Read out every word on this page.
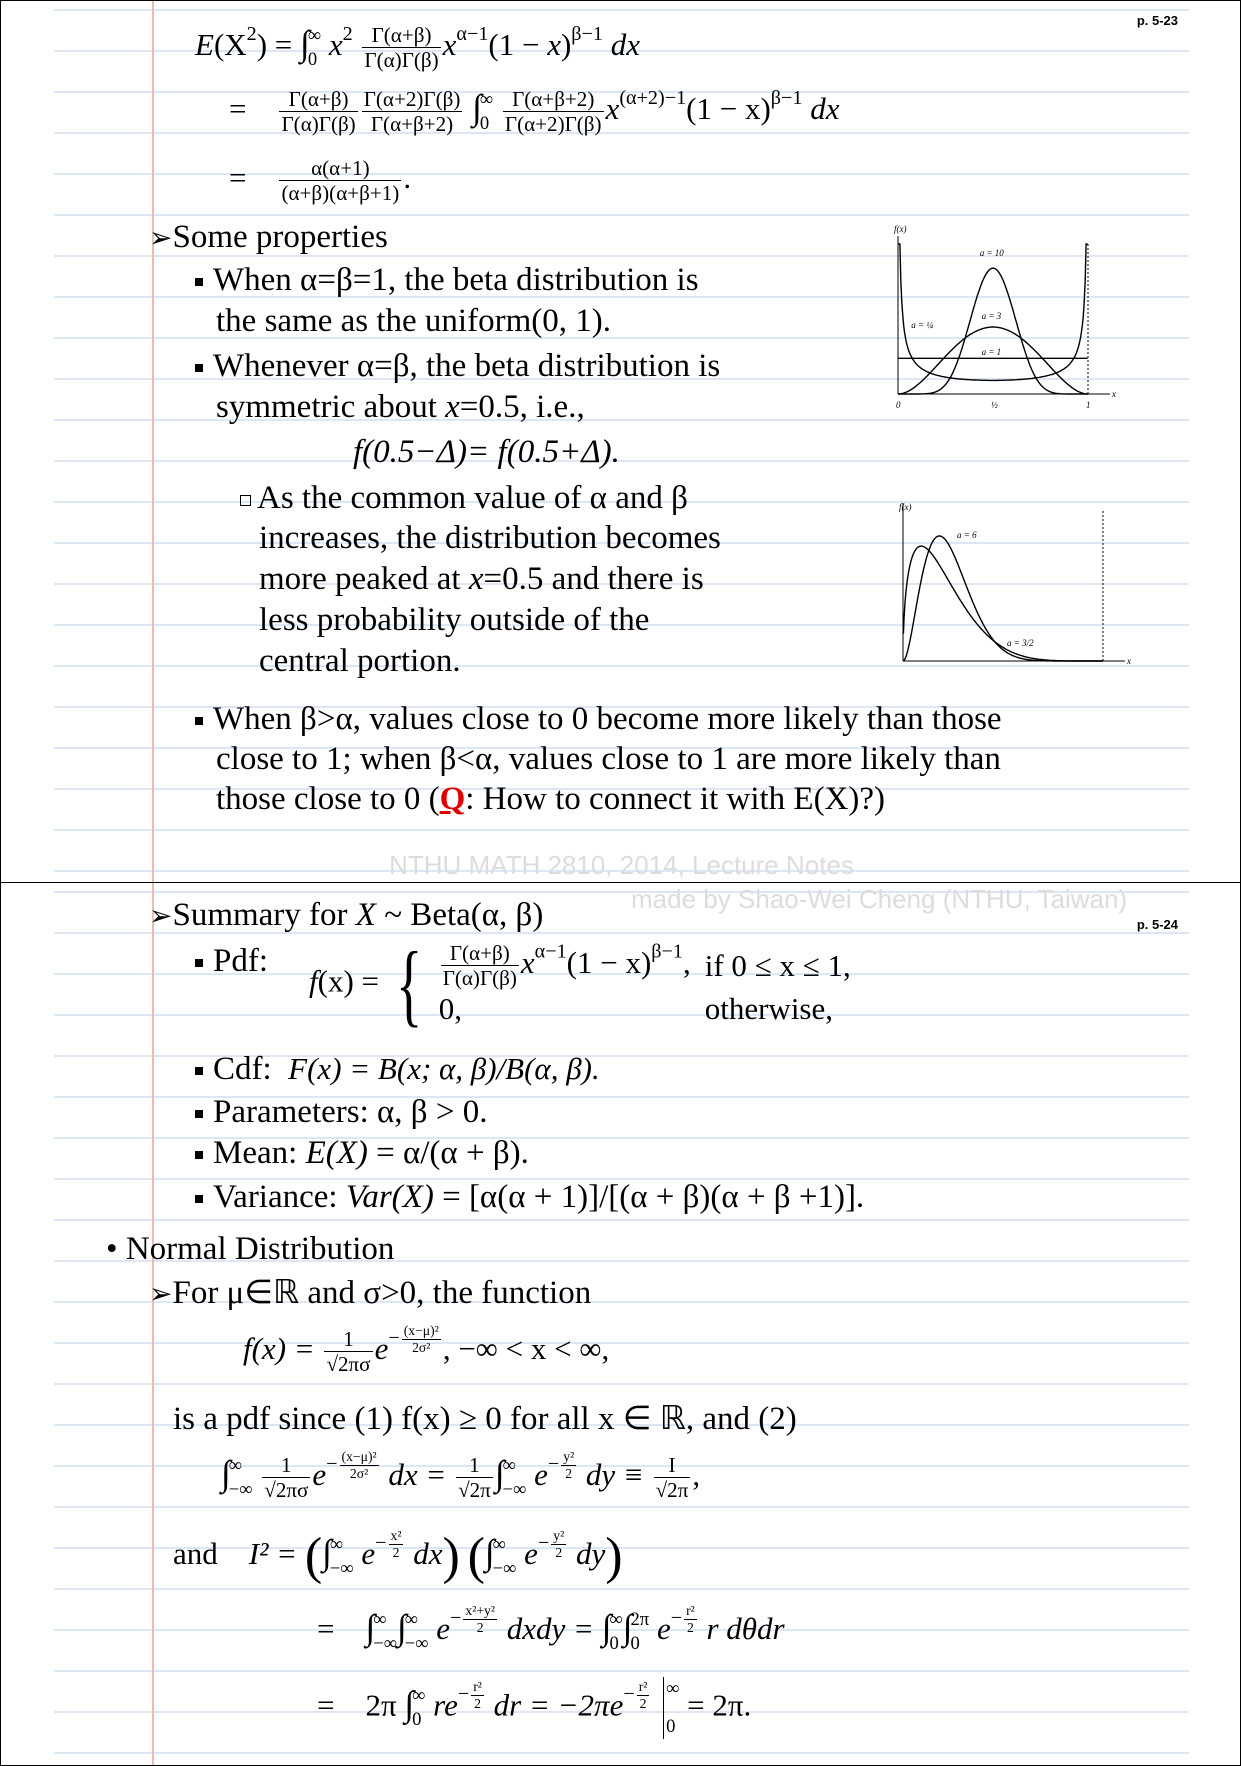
p. 5-23
$E(X^2)$ = ∫
∞
0 $x^2 \frac{\Gamma(\alpha+\beta)}{\Gamma(\alpha)\Gamma(\beta)} x^{\alpha-1}(1 - x)^{\beta-1}$ dx
= $\frac{\Gamma(\alpha+\beta)}{\Gamma(\alpha)\Gamma(\beta)} \frac{\Gamma(\alpha+2)\Gamma(\beta)}{\Gamma(\alpha+\beta+2)}$ ∫
∞
0
$\frac{\Gamma(\alpha+\beta+2)}{\Gamma(\alpha+2)\Gamma(\beta)} x^{(\alpha+2)-1}(1 - x)^{\beta-1}$ dx
= $\frac{\alpha(\alpha+1)}{(\alpha+\beta)(\alpha+\beta+1)}$ .
➢Some properties
When α=β=1, the beta distribution is
the same as the uniform(0, 1).
Whenever α=β, the beta distribution is
symmetric about x=0.5, i.e.,
f(0.5−Δ)= f(0.5+Δ).
As the common value of α and β
increases, the distribution becomes
more peaked at x=0.5 and there is
less probability outside of the
central portion.
When β>α, values close to 0 become more likely than those
close to 1; when β<α, values close to 1 are more likely than
those close to 0 (Q: How to connect it with E(X)?)
f(x)
x
0	½	1
a = 10
a = 3
a = 1
a = ¼
f(x)
x
a = 6
a = 3/2
NTHU MATH 2810, 2014, Lecture Notes
made by Shao-Wei Cheng (NTHU, Taiwan)
p. 5-24
➢Summary for X ~ Beta(α, β)
Pdf:
f(x) = { $\frac{\Gamma(\alpha+\beta)}{\Gamma(\alpha)\Gamma(\beta)} x^{\alpha-1}(1 - x)^{\beta-1}$,	if 0 ≤ x ≤ 1,
0,	otherwise,
Cdf: F(x) = B(x; α, β)/B(α, β).
Parameters: α, β > 0.
Mean: E(X) = α/(α + β).
Variance: Var(X) = [α(α + 1)]/[(α + β)(α + β +1)].
• Normal Distribution
➢For μ∈ℝ and σ>0, the function
$f(x) = \frac{1}{√2\pi\sigma} e^{- \frac{\text{(x−μ)²}}{\text{2σ²}}}$ , −∞ < x < ∞,
is a pdf since (1) f(x) ≥ 0 for all x ∈ ℝ, and (2)
∫
∞
−∞
$\frac{1}{√2\pi\sigma} e^{- \frac{\text{(x−μ)²}}{\text{2σ²}}}$ dx = $\frac{1}{√2\pi}$ ∫
∞
−∞ $e^{- \frac{\text{y²}}{2}}$ dy ≡ $\frac{I}{√2\pi}$ ,
and I² = (∫
∞
−∞ $e^{- \frac{\text{x²}}{2}}$ dx) (∫
∞
−∞ $e^{- \frac{\text{y²}}{2}}$ dy)
= ∫
∞
−∞ ∫
∞
−∞ $e^{- \frac{\text{x²+y²}}{2}}$ dxdy = ∫
∞
0 ∫
2π
0 $e^{- \frac{\text{r²}}{2}}$ r dθdr
= 2π ∫
∞
0 $re^{- \frac{\text{r²}}{2}}$ dr = $-2\pi e^{- \frac{\text{r²}}{2}}$
∞
0
= 2π.
